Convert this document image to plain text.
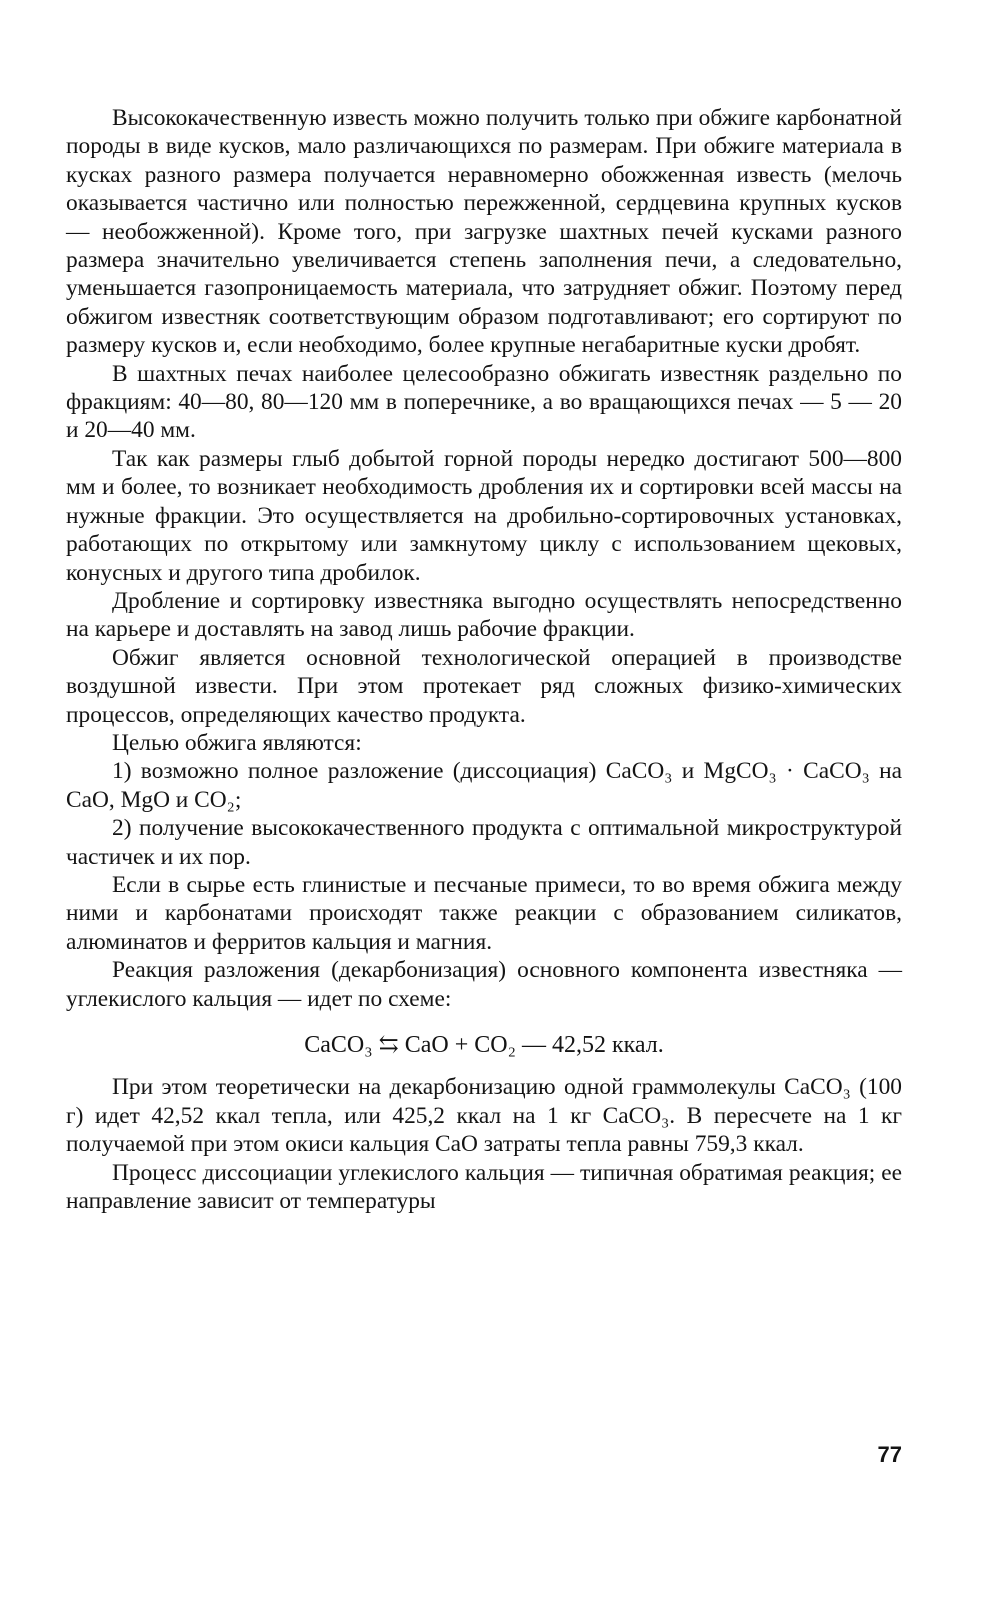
Высококачественную известь можно получить только при обжиге карбонатной породы в виде кусков, мало различающихся по размерам. При обжиге материала в кусках разного размера получается неравномерно обожженная известь (мелочь оказывается частично или полностью пережженной, сердцевина крупных кусков — необожженной). Кроме того, при загрузке шахтных печей кусками разного размера значительно увеличивается степень заполнения печи, а следовательно, уменьшается газопроницаемость материала, что затрудняет обжиг. Поэтому перед обжигом известняк соответствующим образом подготавливают; его сортируют по размеру кусков и, если необходимо, более крупные негабаритные куски дробят.

В шахтных печах наиболее целесообразно обжигать известняк раздельно по фракциям: 40—80, 80—120 мм в поперечнике, а во вращающихся печах — 5 — 20 и 20—40 мм.

Так как размеры глыб добытой горной породы нередко достигают 500—800 мм и более, то возникает необходимость дробления их и сортировки всей массы на нужные фракции. Это осуществляется на дробильно-сортировочных установках, работающих по открытому или замкнутому циклу с использованием щековых, конусных и другого типа дробилок.

Дробление и сортировку известняка выгодно осуществлять непосредственно на карьере и доставлять на завод лишь рабочие фракции.

Обжиг является основной технологической операцией в производстве воздушной извести. При этом протекает ряд сложных физико-химических процессов, определяющих качество продукта.

Целью обжига являются:

1) возможно полное разложение (диссоциация) CaCO₃ и MgCO₃ · CaCO₃ на CaO, MgO и CO₂;

2) получение высококачественного продукта с оптимальной микроструктурой частичек и их пор.

Если в сырье есть глинистые и песчаные примеси, то во время обжига между ними и карбонатами происходят также реакции с образованием силикатов, алюминатов и ферритов кальция и магния.

Реакция разложения (декарбонизация) основного компонента известняка — углекислого кальция — идет по схеме:

CaCO₃ ⇆ CaO + CO₂ — 42,52 ккал.

При этом теоретически на декарбонизацию одной граммолекулы CaCO₃ (100 г) идет 42,52 ккал тепла, или 425,2 ккал на 1 кг CaCO₃. В пересчете на 1 кг получаемой при этом окиси кальция CaO затраты тепла равны 759,3 ккал.

Процесс диссоциации углекислого кальция — типичная обратимая реакция; ее направление зависит от температуры

77
